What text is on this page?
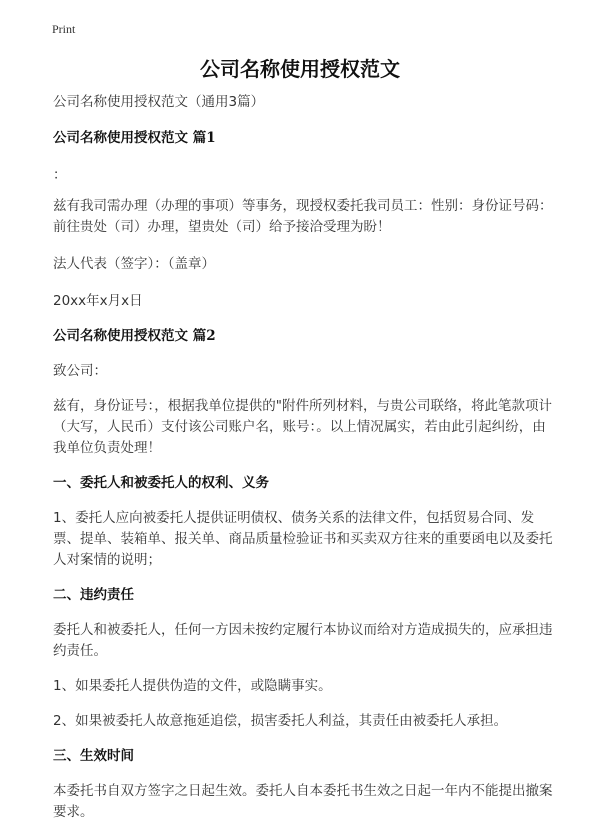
Print
公司名称使用授权范文

公司名称使用授权范文（通用3篇）

公司名称使用授权范文 篇1

：

兹有我司需办理（办理的事项）等事务，现授权委托我司员工：性别：身份证号码：前往贵处（司）办理，望贵处（司）给予接洽受理为盼！

法人代表（签字）：（盖章）

20xx年x月x日

公司名称使用授权范文 篇2

致公司：

兹有，身份证号：，根据我单位提供的"附件所列材料，与贵公司联络，将此笔款项计（大写，人民币）支付该公司账户名，账号：。以上情况属实，若由此引起纠纷，由我单位负责处理！

一、委托人和被委托人的权利、义务

1、委托人应向被委托人提供证明债权、债务关系的法律文件，包括贸易合同、发票、提单、装箱单、报关单、商品质量检验证书和买卖双方往来的重要函电以及委托人对案情的说明；

二、违约责任

委托人和被委托人，任何一方因未按约定履行本协议而给对方造成损失的，应承担违约责任。

1、如果委托人提供伪造的文件，或隐瞒事实。

2、如果被委托人故意拖延追偿，损害委托人利益，其责任由被委托人承担。

三、生效时间

本委托书自双方签字之日起生效。委托人自本委托书生效之日起一年内不能提出撤案要求。
